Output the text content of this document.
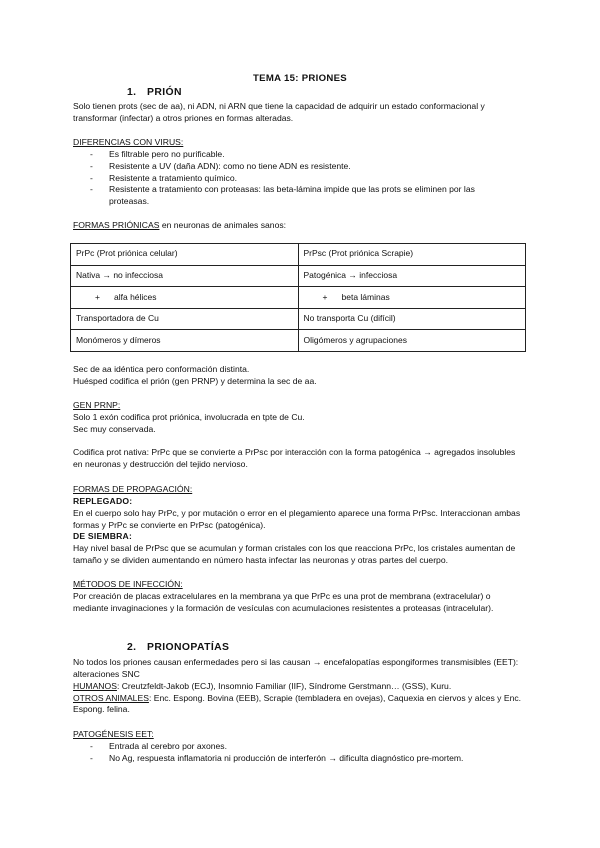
TEMA 15: PRIONES
1. PRIÓN
Solo tienen prots (sec de aa), ni ADN, ni ARN que tiene la capacidad de adquirir un estado conformacional y transformar (infectar) a otros priones en formas alteradas.
DIFERENCIAS CON VIRUS:
- Es filtrable pero no purificable.
- Resistente a UV (daña ADN): como no tiene ADN es resistente.
- Resistente a tratamiento químico.
- Resistente a tratamiento con proteasas: las beta-lámina impide que las prots se eliminen por las proteasas.
FORMAS PRIÓNICAS en neuronas de animales sanos:
PrPc (Prot priónica celular)	PrPsc (Prot priónica Scrapie)
Nativa → no infecciosa	Patogénica → infecciosa
+ alfa hélices	+ beta láminas
Transportadora de Cu	No transporta Cu (difícil)
Monómeros y dímeros	Oligómeros y agrupaciones
Sec de aa idéntica pero conformación distinta.
Huésped codifica el prión (gen PRNP) y determina la sec de aa.
GEN PRNP:
Solo 1 exón codifica prot priónica, involucrada en tpte de Cu.
Sec muy conservada.
Codifica prot nativa: PrPc que se convierte a PrPsc por interacción con la forma patogénica → agregados insolubles en neuronas y destrucción del tejido nervioso.
FORMAS DE PROPAGACIÓN:
REPLEGADO:
En el cuerpo solo hay PrPc, y por mutación o error en el plegamiento aparece una forma PrPsc. Interaccionan ambas formas y PrPc se convierte en PrPsc (patogénica).
DE SIEMBRA:
Hay nivel basal de PrPsc que se acumulan y forman cristales con los que reacciona PrPc, los cristales aumentan de tamaño y se dividen aumentando en número hasta infectar las neuronas y otras partes del cuerpo.
MÉTODOS DE INFECCIÓN:
Por creación de placas extracelulares en la membrana ya que PrPc es una prot de membrana (extracelular) o mediante invaginaciones y la formación de vesículas con acumulaciones resistentes a proteasas (intracelular).
2. PRIONOPATÍAS
No todos los priones causan enfermedades pero si las causan → encefalopatías espongiformes transmisibles (EET): alteraciones SNC
HUMANOS: Creutzfeldt-Jakob (ECJ), Insomnio Familiar (IIF), Síndrome Gerstmann… (GSS), Kuru.
OTROS ANIMALES: Enc. Espong. Bovina (EEB), Scrapie (tembladera en ovejas), Caquexia en ciervos y alces y Enc. Espong. felina.
PATOGÉNESIS EET:
- Entrada al cerebro por axones.
- No Ag, respuesta inflamatoria ni producción de interferón → dificulta diagnóstico pre-mortem.
